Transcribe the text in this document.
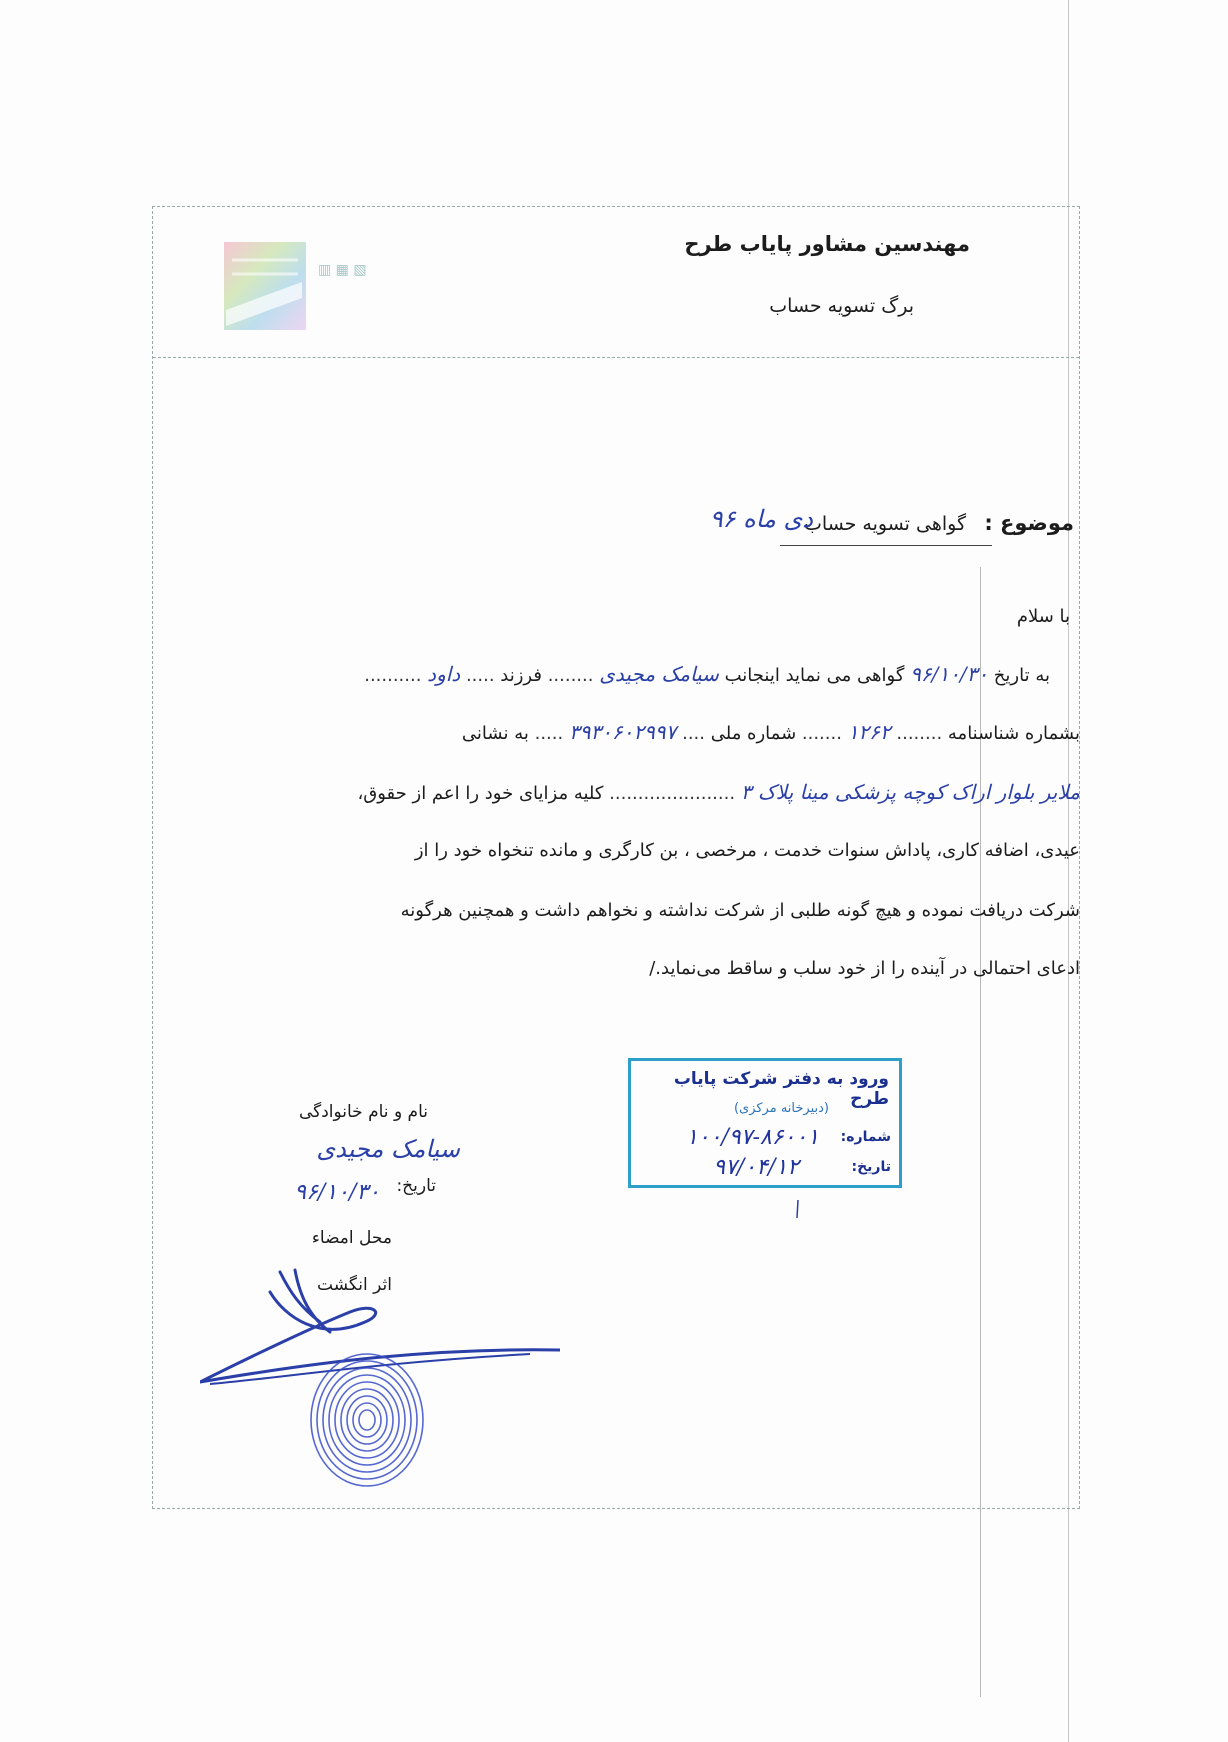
▥ ▦ ▧
مهندسین مشاور پایاب طرح
برگ تسویه حساب
موضوع :
گواهی تسویه حساب
دی ماه ۹۶
با سلام
به تاریخ ۹۶/۱۰/۳۰ گواهی می نماید اینجانب سیامک مجیدی ........ فرزند ..... داود ..........
بشماره شناسنامه ........ ۱۲۶۲ ....... شماره ملی .... ۳۹۳۰۶۰۲۹۹۷ ..... به نشانی
ملایر بلوار اراک کوچه پزشکی مینا پلاک ۳ ...................... کلیه مزایای خود را اعم از حقوق،
عیدی، اضافه کاری، پاداش سنوات خدمت ، مرخصی ، بن کارگری و مانده تنخواه خود را از
شرکت دریافت نموده و هیچ گونه طلبی از شرکت نداشته و نخواهم داشت و همچنین هرگونه
ادعای احتمالی در آینده را از خود سلب و ساقط می‌نماید./
ورود به دفتر شرکت پایاب طرح
(دبیرخانه مرکزی)
شماره:
۱۰۰/۹۷-۸۶۰۰۱
تاریخ:
۹۷/۰۴/۱۲
نام و نام خانوادگی
سیامک مجیدی
تاریخ:
۹۶/۱۰/۳۰
محل امضاء
اثر انگشت
